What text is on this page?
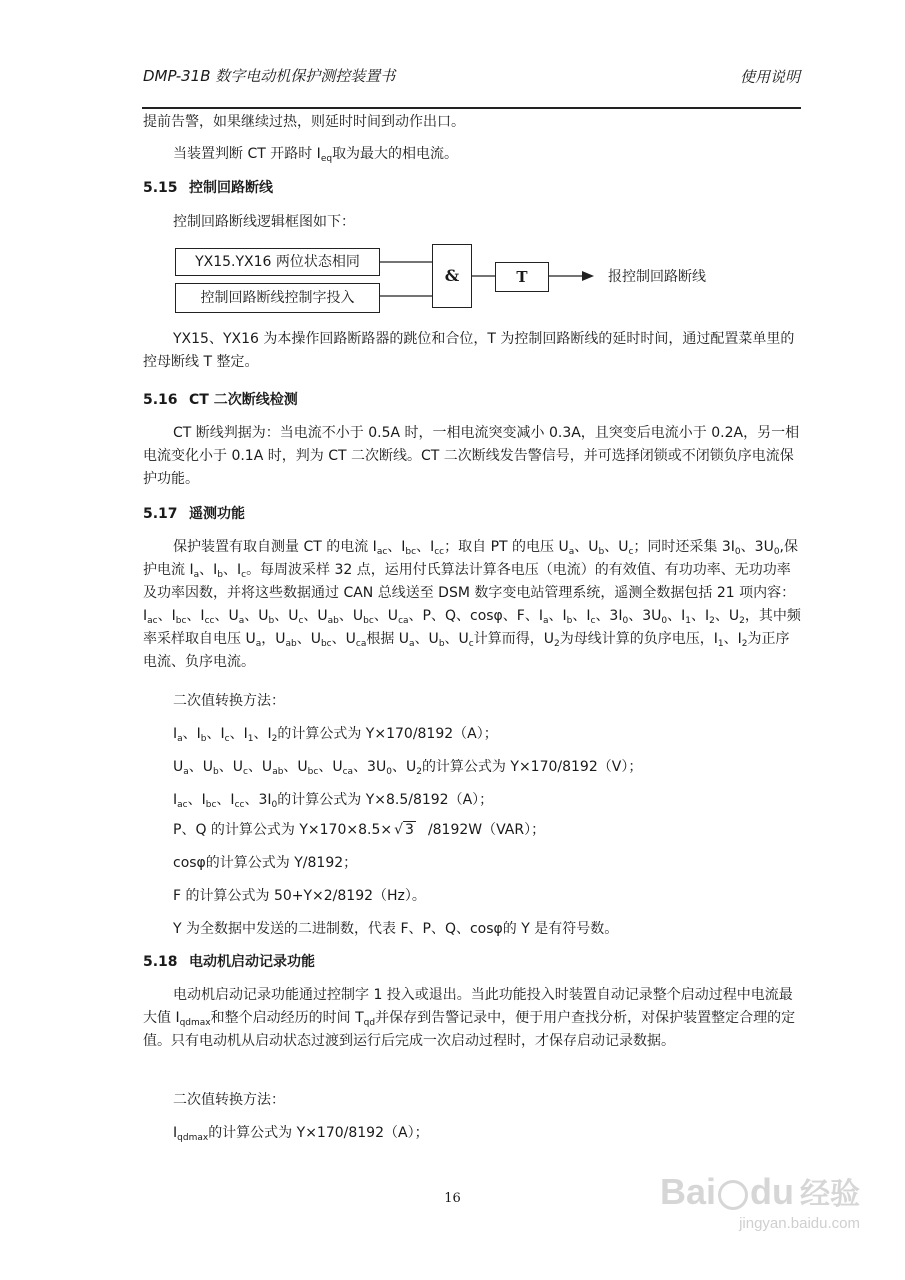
DMP-31B 数字电动机保护测控装置书	使用说明
提前告警，如果继续过热，则延时时间到动作出口。
当装置判断 CT 开路时 $I_{eq}$取为最大的相电流。
5.15 控制回路断线
控制回路断线逻辑框图如下：
YX15.YX16 两位状态相同
控制回路断线控制字投入
&	T	报控制回路断线
YX15、YX16 为本操作回路断路器的跳位和合位，T 为控制回路断线的延时时间，通过配置菜单里的控母断线 T 整定。
5.16 CT 二次断线检测
CT 断线判据为：当电流不小于 0.5A 时，一相电流突变减小 0.3A，且突变后电流小于 0.2A，另一相电流变化小于 0.1A 时，判为 CT 二次断线。CT 二次断线发告警信号，并可选择闭锁或不闭锁负序电流保护功能。
5.17 遥测功能
保护装置有取自测量 CT 的电流 $I_{ac}$、$I_{bc}$、$I_{cc}$；取自 PT 的电压 $U_a$、$U_b$、$U_c$；同时还采集 $3I_0$、$3U_0$,保护电流 $I_a$、$I_b$、$I_c$。每周波采样 32 点，运用付氏算法计算各电压（电流）的有效值、有功功率、无功功率及功率因数，并将这些数据通过 CAN 总线送至 DSM 数字变电站管理系统，遥测全数据包括 21 项内容：$I_{ac}$、$I_{bc}$、$I_{cc}$、$U_a$、$U_b$、$U_c$、$U_{ab}$、$U_{bc}$、$U_{ca}$、P、Q、cosφ、F、$I_a$、$I_b$、$I_c$、$3I_0$、$3U_0$、$I_1$、$I_2$、$U_2$，其中频率采样取自电压 $U_a$，$U_{ab}$、$U_{bc}$、$U_{ca}$根据 $U_a$、$U_b$、$U_c$计算而得，$U_2$为母线计算的负序电压，$I_1$、$I_2$为正序电流、负序电流。
二次值转换方法：
$I_a$、$I_b$、$I_c$、$I_1$、$I_2$的计算公式为 Y×170/8192（A）；
$U_a$、$U_b$、$U_c$、$U_{ab}$、$U_{bc}$、$U_{ca}$、$3U_0$、$U_2$的计算公式为 Y×170/8192（V）；
$I_{ac}$、$I_{bc}$、$I_{cc}$、$3I_0$的计算公式为 Y×8.5/8192（A）；
P、Q 的计算公式为 Y×170×8.5× √ 3 /8192W（VAR）；
cosφ的计算公式为 Y/8192；
F 的计算公式为 50+Y×2/8192（Hz）。
Y 为全数据中发送的二进制数，代表 F、P、Q、cosφ的 Y 是有符号数。
5.18 电动机启动记录功能
电动机启动记录功能通过控制字 1 投入或退出。当此功能投入时装置自动记录整个启动过程中电流最大值 $I_{qdmax}$和整个启动经历的时间 $T_{qd}$并保存到告警记录中，便于用户查找分析，对保护装置整定合理的定值。只有电动机从启动状态过渡到运行后完成一次启动过程时，才保存启动记录数据。
二次值转换方法：
$I_{qdmax}$的计算公式为 Y×170/8192（A）；
16	Bai du 经验
jingyan.baidu.com
